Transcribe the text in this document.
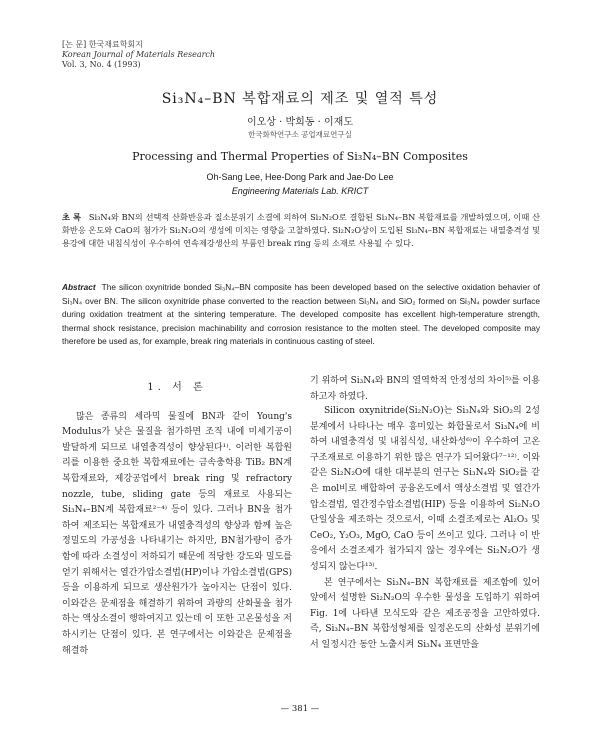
[논 문] 한국재료학회지
Korean Journal of Materials Research
Vol. 3, No. 4 (1993)
Si₃N₄–BN 복합재료의 제조 및 열적 특성
이오상 · 박희동 · 이재도
한국화학연구소 공업재료연구실
Processing and Thermal Properties of Si₃N₄–BN Composites
Oh-Sang Lee, Hee-Dong Park and Jae-Do Lee
Engineering Materials Lab. KRICT
초 록 Si₃N₄와 BN의 선택적 산화반응과 질소분위기 소결에 의하여 Si₂N₂O로 결합된 Si₃N₄–BN 복합재료를 개발하였으며, 이때 산화반응 온도와 CaO의 첨가가 Si₂N₂O의 생성에 미치는 영향을 고찰하였다. Si₂N₂O상이 도입된 Si₃N₄–BN 복합재료는 내열충격성 및 용강에 대한 내침식성이 우수하여 연속제강생산의 부품인 break ring 등의 소재로 사용될 수 있다.
Abstract The silicon oxynitride bonded Si₃N₄–BN composite has been developed based on the selective oxidation behavier of Si₃N₄ over BN. The silicon oxynitride phase converted to the reaction between Si₃N₄ and SiO₂ formed on Si₃N₄ powder surface during oxidation treatment at the sintering temperature. The developed composite has excellent high-temperature strength, thermal shock resistance, precision machinability and corrosion resistance to the molten steel. The developed composite may therefore be used as, for example, break ring materials in continuous casting of steel.
1. 서 론

많은 종류의 세라믹 물질에 BN과 같이 Young's Modulus가 낮은 물질을 첨가하면 조직 내에 미세기공이 발달하게 되므로 내열충격성이 향상된다¹⁾. 이러한 복합원리를 이용한 중요한 복합재료에는 금속충학용 TiB₂ BN계 복합재료와, 제강공업에서 break ring 및 refractory nozzle, tube, sliding gate 등의 재료로 사용되는 Si₃N₄–BN계 복합재료²⁻⁴⁾ 등이 있다. 그러나 BN을 첨가하여 제조되는 복합재료가 내열충격성의 향상과 함께 높은 정밀도의 가공성을 나타내기는 하지만, BN첨가량이 증가함에 따라 소결성이 저하되기 때문에 적당한 강도와 밀도를 얻기 위해서는 열간가압소결법(HP)이나 가압소결법(GPS) 등을 이용하게 되므로 생산원가가 높아지는 단점이 있다. 이와같은 문제점을 해결하기 위하여 과량의 산화물을 첨가하는 액상소결이 행하여지고 있는데 이 또한 고온물성을 저하시키는 단점이 있다. 본 연구에서는 이와같은 문제점을 해결하

기 위하여 Si₃N₄와 BN의 열역학적 안정성의 차이⁵⁾를 이용하고자 하였다.

Silicon oxynitride(Si₂N₂O)는 Si₃N₄와 SiO₂의 2성분계에서 나타나는 매우 흥미있는 화합물로서 Si₃N₄에 비하여 내열충격성 및 내침식성, 내산화성⁶⁾이 우수하여 고온구조재료로 이용하기 위한 많은 연구가 되어왔다⁷⁻¹²⁾. 이와같은 Si₂N₂O에 대한 대부분의 연구는 Si₃N₄와 SiO₂를 같은 mol비로 배합하여 공융온도에서 액상소결법 및 열간가압소결법, 열간정수압소결법(HIP) 등을 이용하여 Si₂N₂O 단일상을 제조하는 것으로서, 이때 소결조제로는 Al₂O₃ 및 CeO₂, Y₂O₃, MgO, CaO 등이 쓰이고 있다. 그러나 이 반응에서 소결조제가 첨가되지 않는 경우에는 Si₂N₂O가 생성되지 않는다¹³⁾.

본 연구에서는 Si₃N₄–BN 복합재료를 제조함에 있어 앞에서 설명한 Si₂N₂O의 우수한 물성을 도입하기 위하여 Fig. 1에 나타낸 모식도와 같은 제조공정을 고안하였다. 즉, Si₃N₄–BN 복합성형체를 일정온도의 산화성 분위기에서 일정시간 동안 노출시켜 Si₃N₄ 표면만을

— 381 —
